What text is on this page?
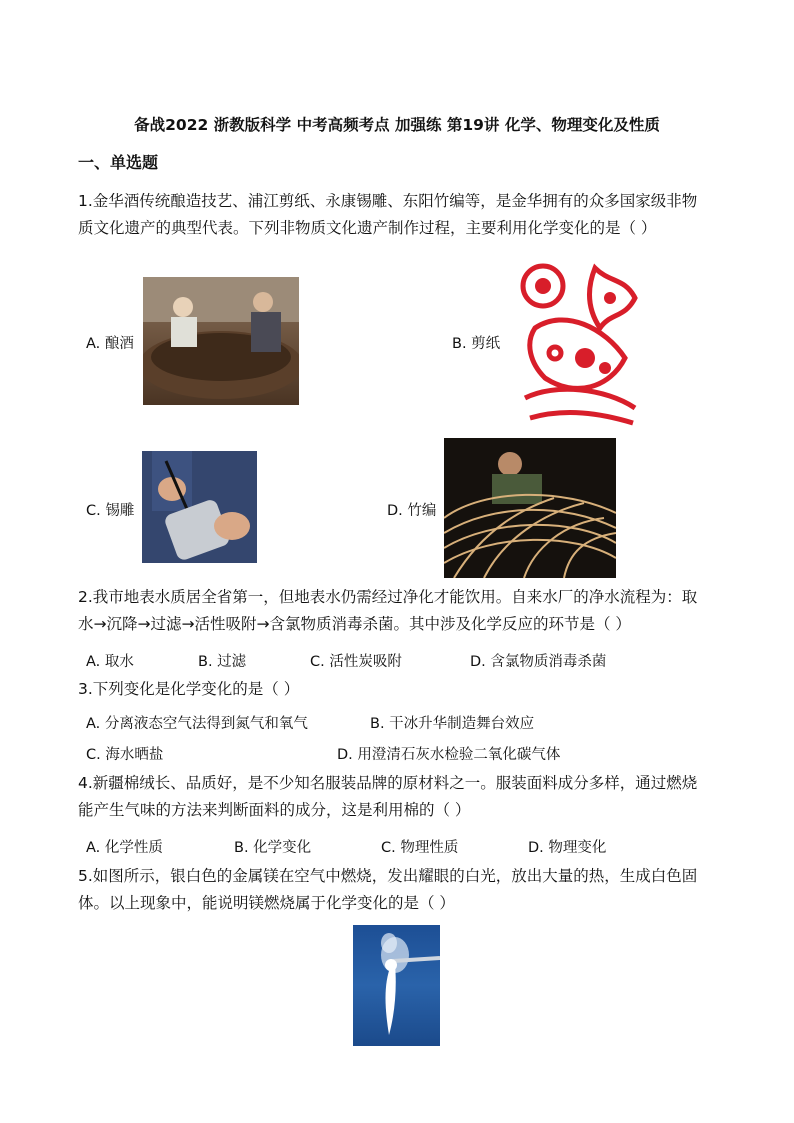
备战2022 浙教版科学 中考高频考点 加强练 第19讲 化学、物理变化及性质
一、单选题
1.金华酒传统酿造技艺、浦江剪纸、永康锡雕、东阳竹编等，是金华拥有的众多国家级非物
质文化遗产的典型代表。下列非物质文化遗产制作过程，主要利用化学变化的是（ ）
A. 酿酒	B. 剪纸
C. 锡雕	D. 竹编
2.我市地表水质居全省第一，但地表水仍需经过净化才能饮用。自来水厂的净水流程为：取
水→沉降→过滤→活性吸附→含氯物质消毒杀菌。其中涉及化学反应的环节是（ ）
A. 取水	B. 过滤	C. 活性炭吸附	D. 含氯物质消毒杀菌
3.下列变化是化学变化的是（ ）
A. 分离液态空气法得到氮气和氧气	B. 干冰升华制造舞台效应
C. 海水晒盐	D. 用澄清石灰水检验二氧化碳气体
4.新疆棉绒长、品质好，是不少知名服装品牌的原材料之一。服装面料成分多样，通过燃烧
能产生气味的方法来判断面料的成分，这是利用棉的（ ）
A. 化学性质	B. 化学变化	C. 物理性质	D. 物理变化
5.如图所示，银白色的金属镁在空气中燃烧，发出耀眼的白光，放出大量的热，生成白色固
体。以上现象中，能说明镁燃烧属于化学变化的是（ ）
